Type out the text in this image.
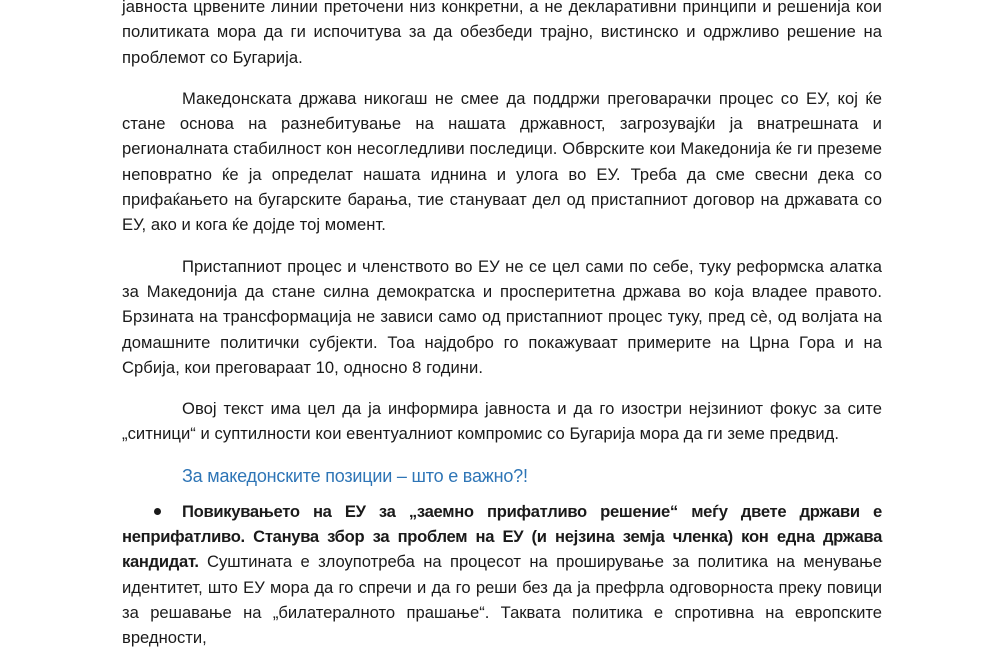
јавноста црвените линии преточени низ конкретни, а не декларативни принципи и решенија кои политиката мора да ги испочитува за да обезбеди трајно, вистинско и одржливо решение на проблемот со Бугарија.

Македонската држава никогаш не смее да поддржи преговарачки процес со ЕУ, кој ќе стане основа на разнебитување на нашата државност, загрозувајќи ја внатрешната и регионалната стабилност кон несогледливи последици. Обврските кои Македонија ќе ги преземе неповратно ќе ја определат нашата иднина и улога во ЕУ. Треба да сме свесни дека со прифаќањето на бугарските барања, тие стануваат дел од пристапниот договор на државата со ЕУ, ако и кога ќе дојде тој момент.

Пристапниот процес и членството во ЕУ не се цел сами по себе, туку реформска алатка за Македонија да стане силна демократска и просперитетна држава во која владее правото. Брзината на трансформација не зависи само од пристапниот процес туку, пред сè, од волјата на домашните политички субјекти. Тоа најдобро го покажуваат примерите на Црна Гора и на Србија, кои преговараат 10, односно 8 години.

Овој текст има цел да ја информира јавноста и да го изостри нејзиниот фокус за сите „ситници“ и суптилности кои евентуалниот компромис со Бугарија мора да ги земе предвид.

За македонските позиции – што е важно?!
Повикувањето на ЕУ за „заемно прифатливо решение“ меѓу двете држави е неприфатливо. Станува збор за проблем на ЕУ (и нејзина земја членка) кон една држава кандидат. Суштината е злоупотреба на процесот на проширување за политика на менување идентитет, што ЕУ мора да го спречи и да го реши без да ја префрла одговорноста преку повици за решавање на „билатералното прашање“. Таквата политика е спротивна на европските вредности,
